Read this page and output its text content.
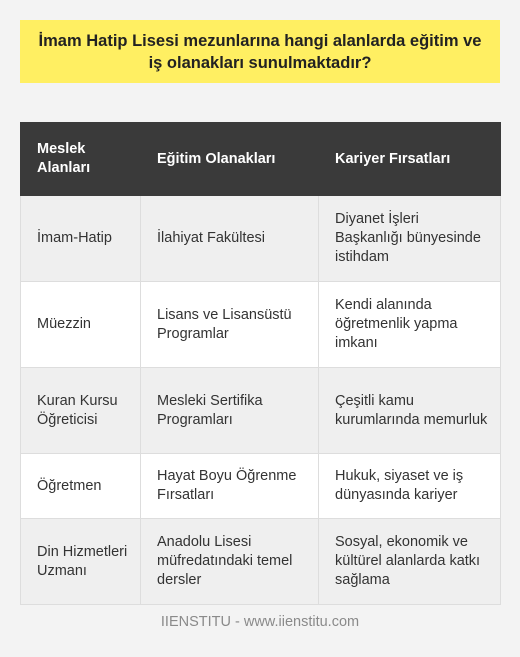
İmam Hatip Lisesi mezunlarına hangi alanlarda eğitim ve iş olanakları sunulmaktadır?
Meslek Alanları	Eğitim Olanakları	Kariyer Fırsatları
İmam-Hatip	İlahiyat Fakültesi	Diyanet İşleri Başkanlığı bünyesinde istihdam
Müezzin	Lisans ve Lisansüstü Programlar	Kendi alanında öğretmenlik yapma imkanı
Kuran Kursu Öğreticisi	Mesleki Sertifika Programları	Çeşitli kamu kurumlarında memurluk
Öğretmen	Hayat Boyu Öğrenme Fırsatları	Hukuk, siyaset ve iş dünyasında kariyer
Din Hizmetleri Uzmanı	Anadolu Lisesi müfredatındaki temel dersler	Sosyal, ekonomik ve kültürel alanlarda katkı sağlama
IIENSTITU - www.iienstitu.com
